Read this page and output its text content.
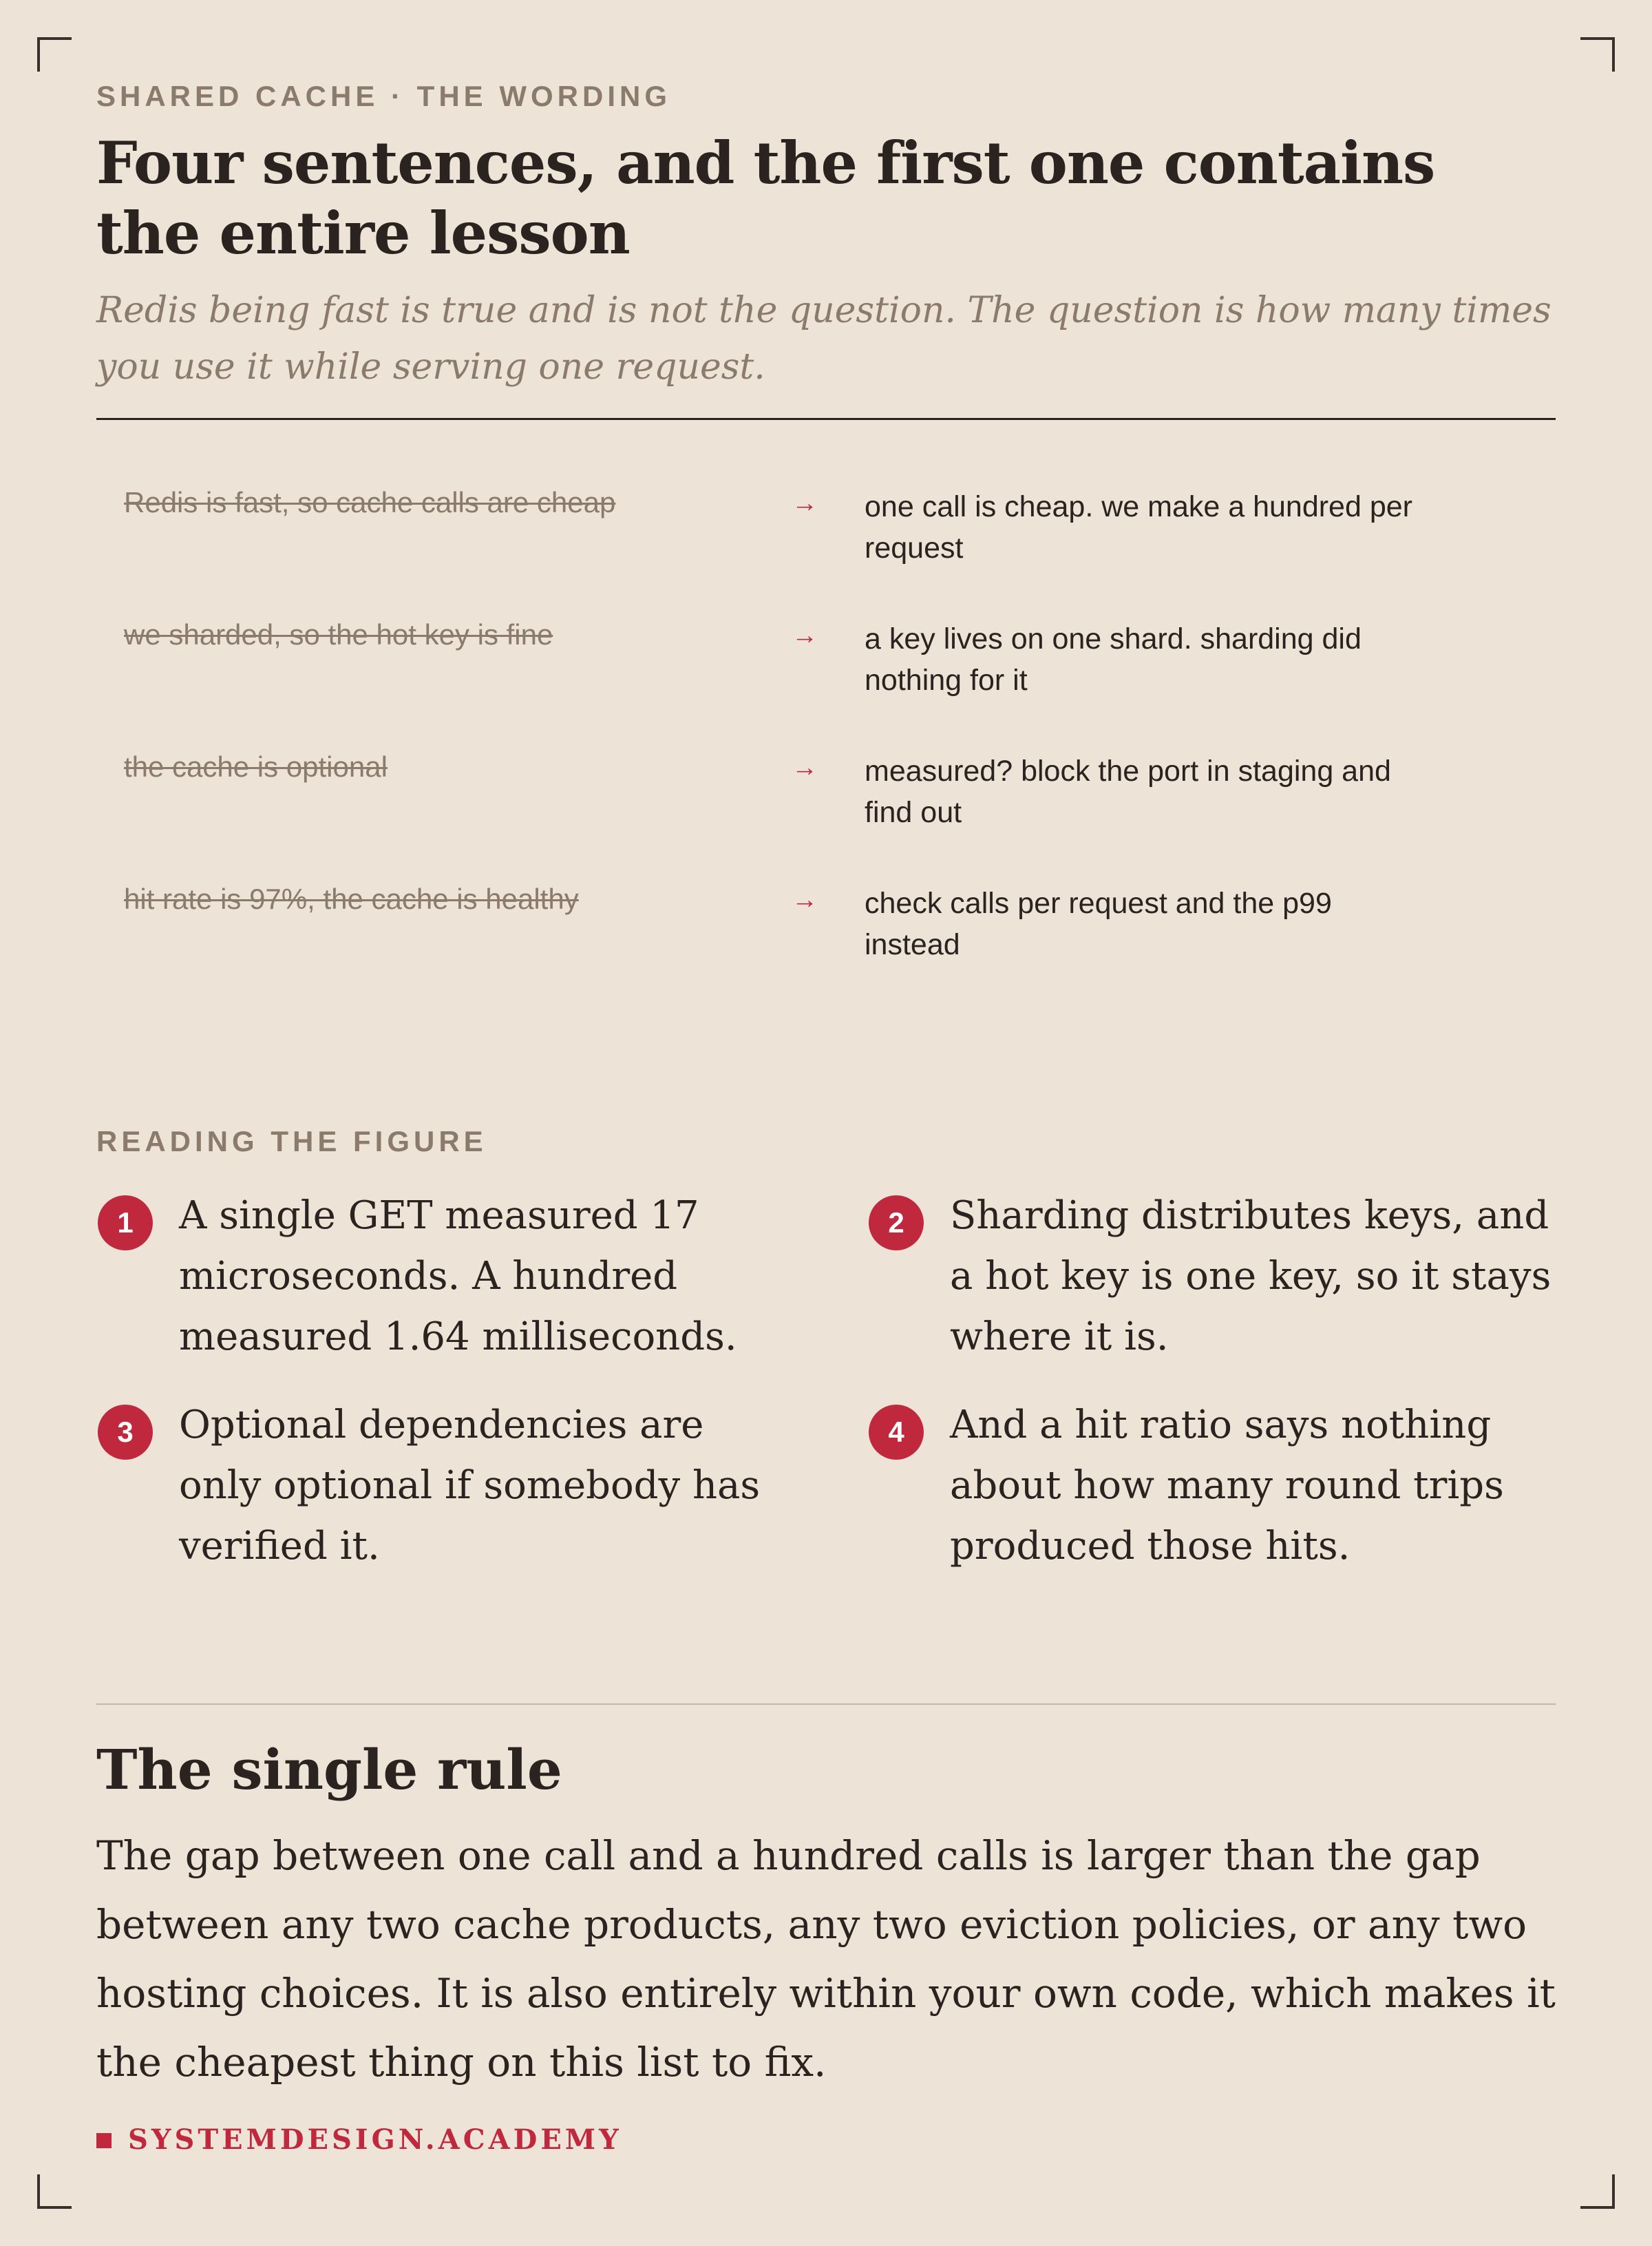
SHARED CACHE · THE WORDING
Four sentences, and the first one contains the entire lesson

Redis being fast is true and is not the question. The question is how many times you use it while serving one request.

Redis is fast, so cache calls are cheap	→ one call is cheap. we make a hundred per request
we sharded, so the hot key is fine	→ a key lives on one shard. sharding did nothing for it
the cache is optional	→ measured? block the port in staging and find out
hit rate is 97%, the cache is healthy	→ check calls per request and the p99 instead
READING THE FIGURE
1	A single GET measured 17 microseconds. A hundred measured 1.64 milliseconds.
2	Sharding distributes keys, and a hot key is one key, so it stays where it is.
3	Optional dependencies are only optional if somebody has verified it.
4	And a hit ratio says nothing about how many round trips produced those hits.
The single rule

The gap between one call and a hundred calls is larger than the gap between any two cache products, any two eviction policies, or any two hosting choices. It is also entirely within your own code, which makes it the cheapest thing on this list to fix.

SYSTEMDESIGN.ACADEMY
